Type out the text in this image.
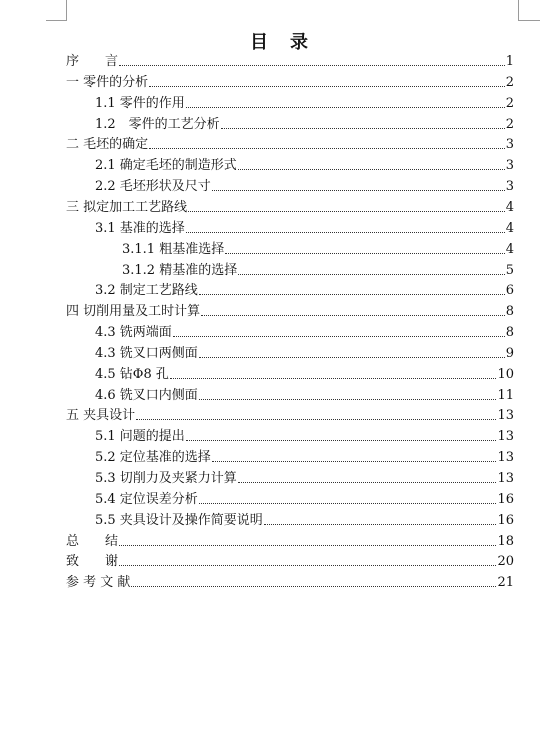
目　录
序　　言	1
一 零件的分析	2
1.1 零件的作用	2
1.2　零件的工艺分析	2
二 毛坯的确定	3
2.1 确定毛坯的制造形式	3
2.2 毛坯形状及尺寸	3
三 拟定加工工艺路线	4
3.1 基准的选择	4
3.1.1 粗基准选择	4
3.1.2 精基准的选择	5
3.2 制定工艺路线	6
四 切削用量及工时计算	8
4.3 铣两端面	8
4.3 铣叉口两侧面	9
4.5 钻Φ8 孔	10
4.6 铣叉口内侧面	11
五 夹具设计	13
5.1 问题的提出	13
5.2 定位基准的选择	13
5.3 切削力及夹紧力计算	13
5.4 定位误差分析	16
5.5 夹具设计及操作简要说明	16
总　　结	18
致　　谢	20
参 考 文 献	21
